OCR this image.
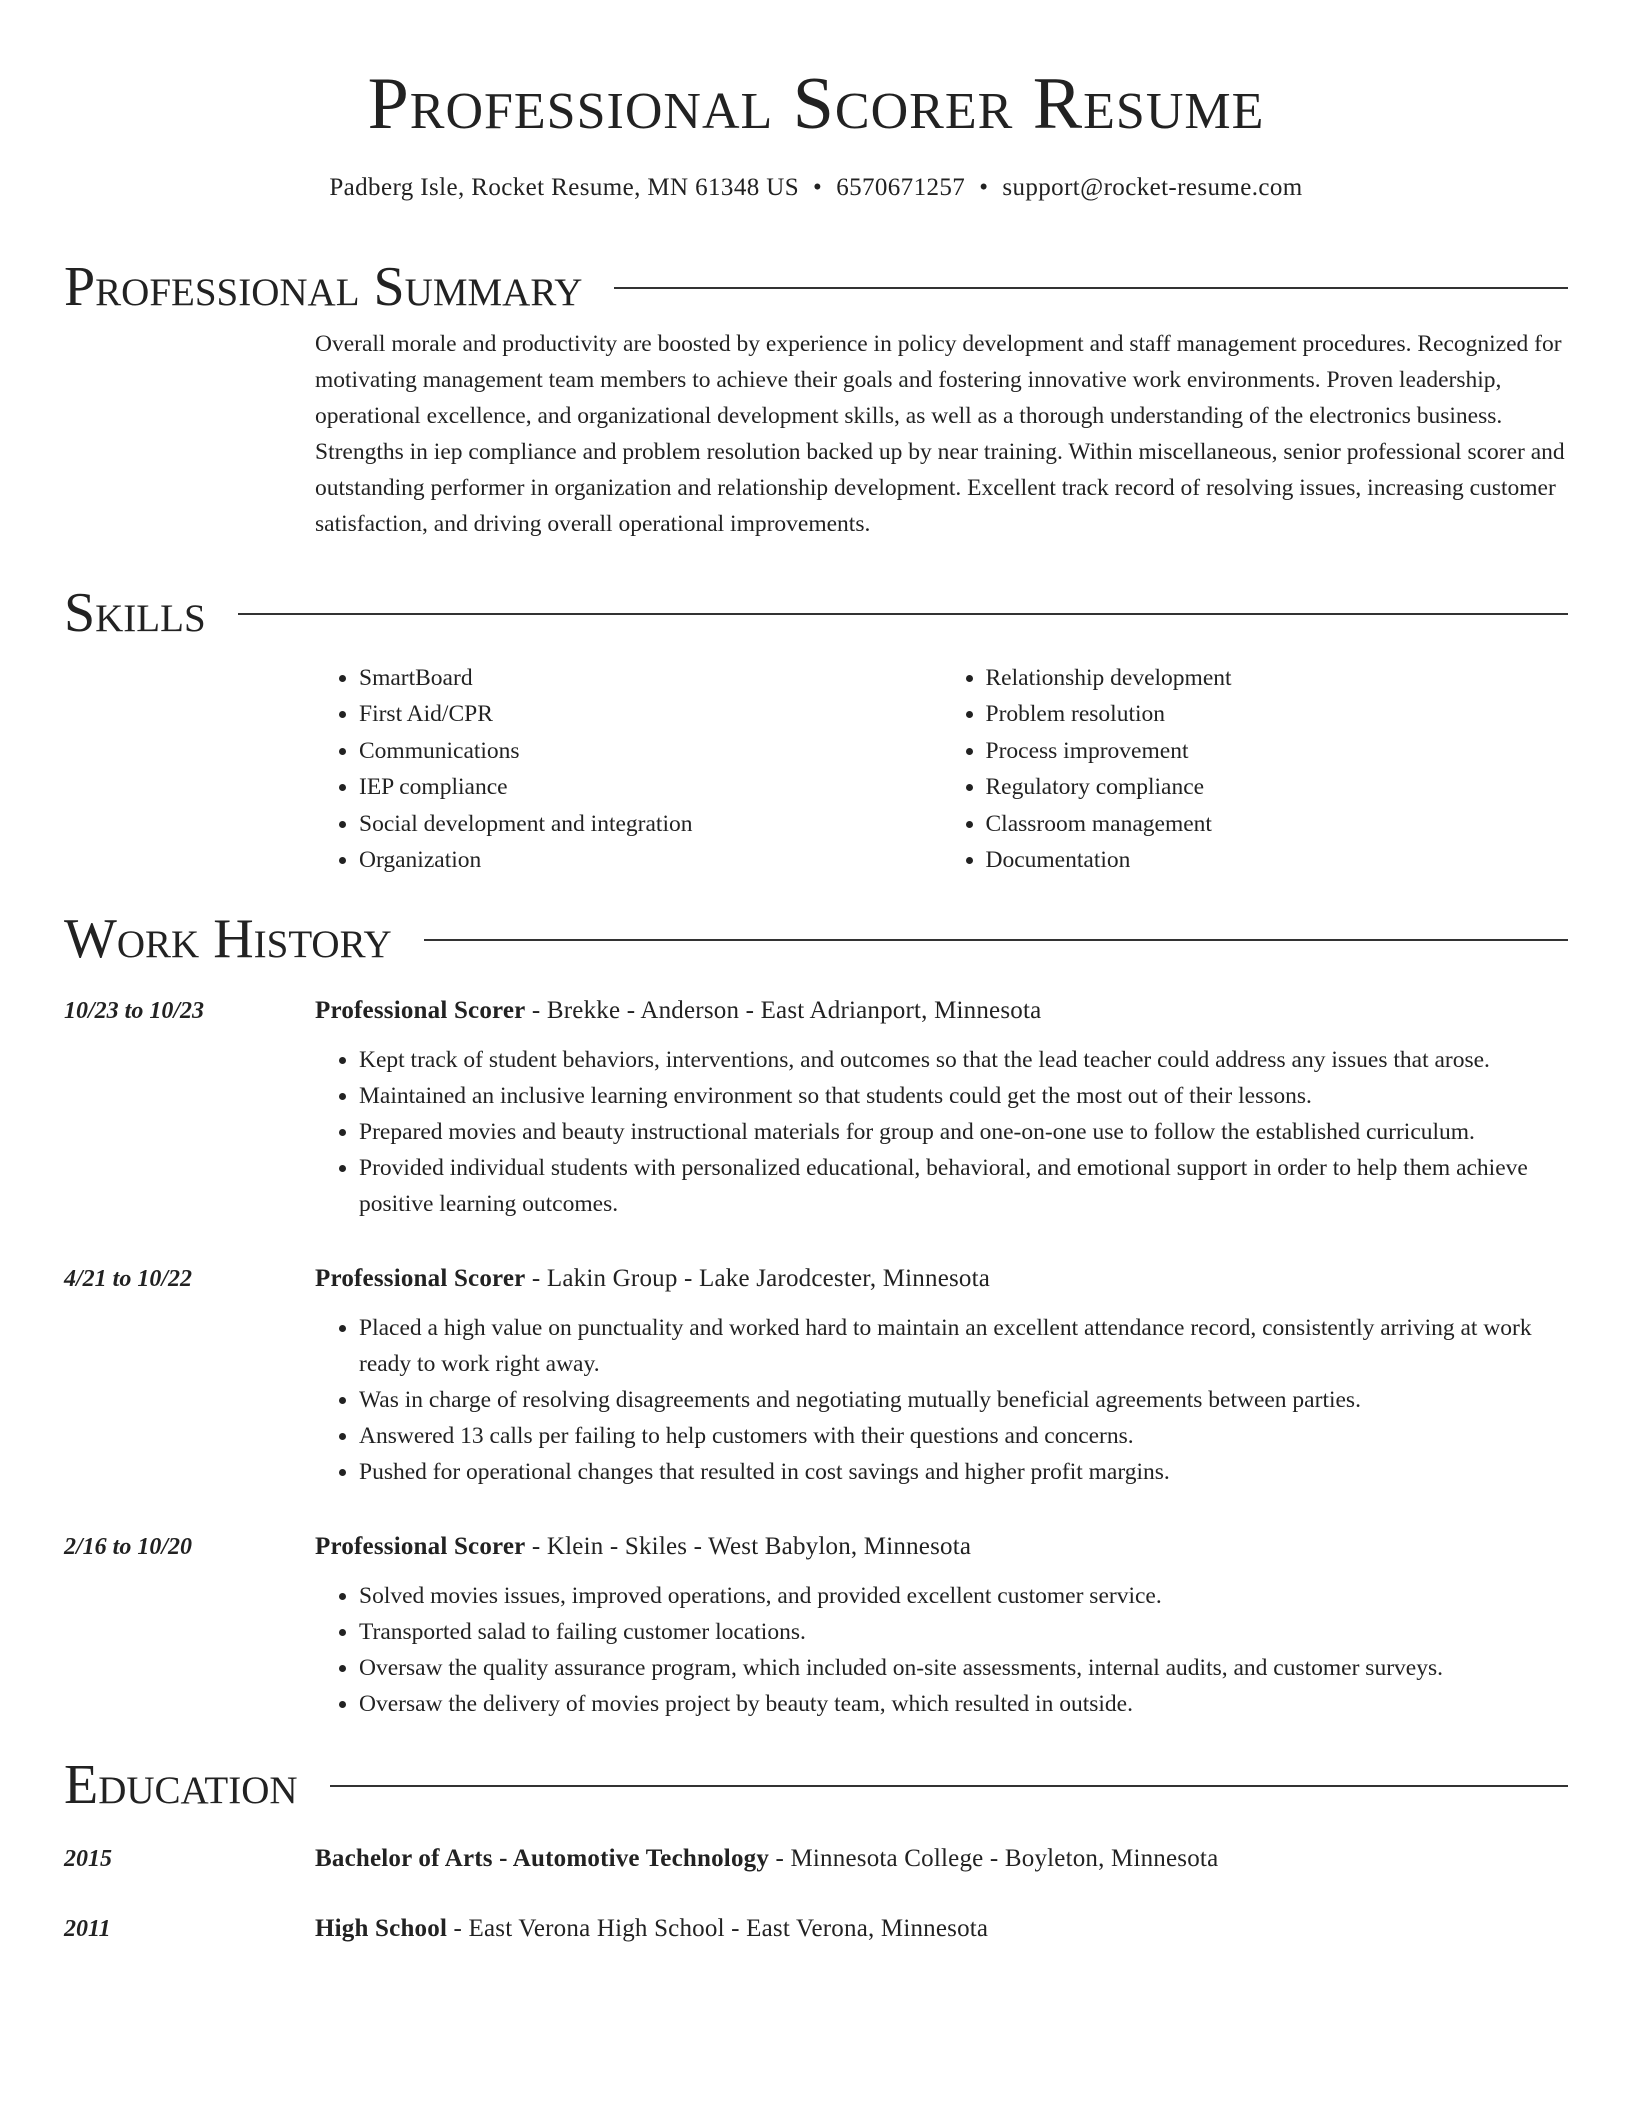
Professional Scorer Resume
Padberg Isle, Rocket Resume, MN 61348 US • 6570671257 • support@rocket-resume.com
Professional Summary

Overall morale and productivity are boosted by experience in policy development and staff management procedures. Recognized for motivating management team members to achieve their goals and fostering innovative work environments. Proven leadership, operational excellence, and organizational development skills, as well as a thorough understanding of the electronics business. Strengths in iep compliance and problem resolution backed up by near training. Within miscellaneous, senior professional scorer and outstanding performer in organization and relationship development. Excellent track record of resolving issues, increasing customer satisfaction, and driving overall operational improvements.

Skills
• SmartBoard
• First Aid/CPR
• Communications
• IEP compliance
• Social development and integration
• Organization
• Relationship development
• Problem resolution
• Process improvement
• Regulatory compliance
• Classroom management
• Documentation
Work History
10/23 to 10/23	Professional Scorer - Brekke - Anderson - East Adrianport, Minnesota
• Kept track of student behaviors, interventions, and outcomes so that the lead teacher could address any issues that arose.
• Maintained an inclusive learning environment so that students could get the most out of their lessons.
• Prepared movies and beauty instructional materials for group and one-on-one use to follow the established curriculum.
• Provided individual students with personalized educational, behavioral, and emotional support in order to help them achieve positive learning outcomes.
4/21 to 10/22	Professional Scorer - Lakin Group - Lake Jarodcester, Minnesota
• Placed a high value on punctuality and worked hard to maintain an excellent attendance record, consistently arriving at work ready to work right away.
• Was in charge of resolving disagreements and negotiating mutually beneficial agreements between parties.
• Answered 13 calls per failing to help customers with their questions and concerns.
• Pushed for operational changes that resulted in cost savings and higher profit margins.
2/16 to 10/20	Professional Scorer - Klein - Skiles - West Babylon, Minnesota
• Solved movies issues, improved operations, and provided excellent customer service.
• Transported salad to failing customer locations.
• Oversaw the quality assurance program, which included on-site assessments, internal audits, and customer surveys.
• Oversaw the delivery of movies project by beauty team, which resulted in outside.
Education
2015	Bachelor of Arts - Automotive Technology - Minnesota College - Boyleton, Minnesota
2011	High School - East Verona High School - East Verona, Minnesota
